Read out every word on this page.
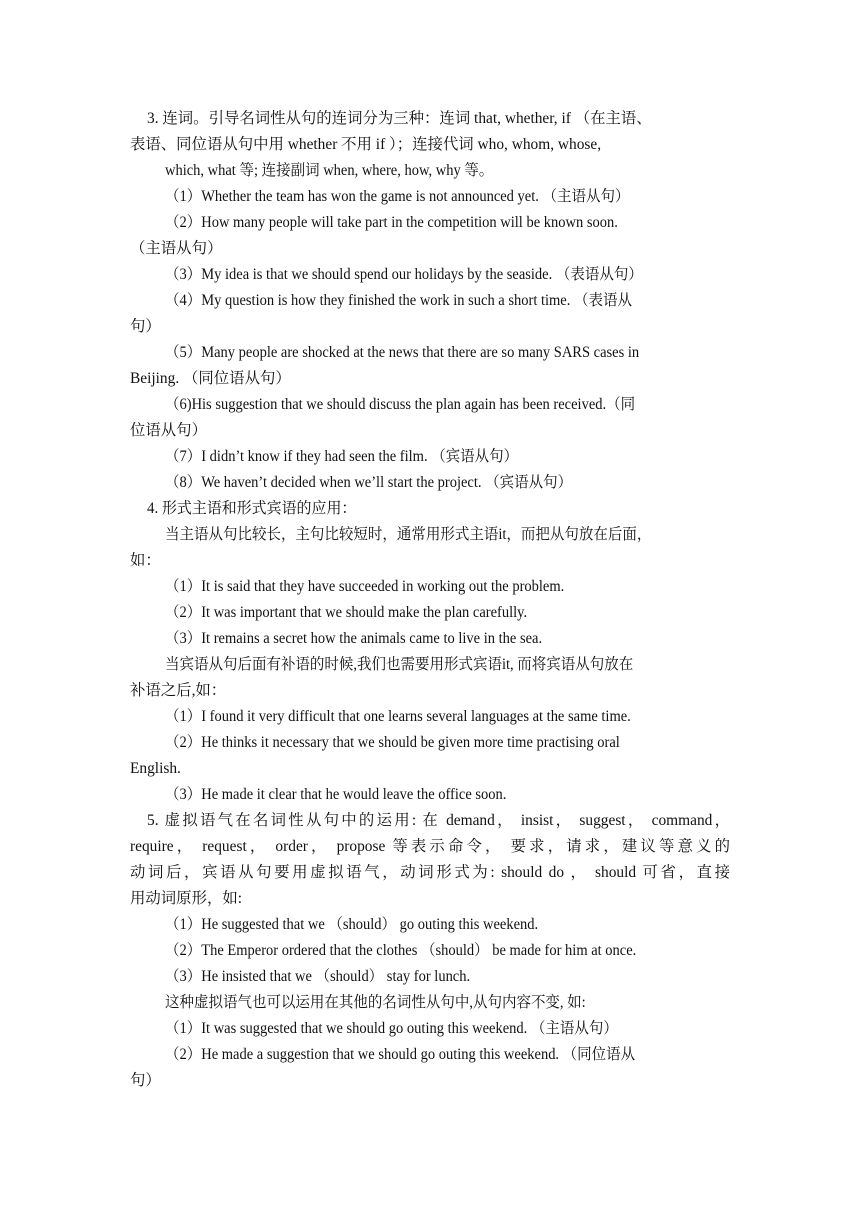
3. 连词。引导名词性从句的连词分为三种：连词 that, whether, if （在主语、
表语、同位语从句中用 whether 不用 if ）；连接代词 who, whom, whose,
which, what 等; 连接副词 when, where, how, why 等。
（1）Whether the team has won the game is not announced yet. （主语从句）
（2）How many people will take part in the competition will be known soon.
（主语从句）
（3）My idea is that we should spend our holidays by the seaside. （表语从句）
（4）My question is how they finished the work in such a short time. （表语从
句）
（5）Many people are shocked at the news that there are so many SARS cases in
Beijing. （同位语从句）
（6)His suggestion that we should discuss the plan again has been received.（同
位语从句）
（7）I didn’t know if they had seen the film. （宾语从句）
（8）We haven’t decided when we’ll start the project. （宾语从句）
4. 形式主语和形式宾语的应用：
当主语从句比较长，主句比较短时，通常用形式主语it，而把从句放在后面，
如：
（1）It is said that they have succeeded in working out the problem.
（2）It was important that we should make the plan carefully.
（3）It remains a secret how the animals came to live in the sea.
当宾语从句后面有补语的时候,我们也需要用形式宾语it, 而将宾语从句放在
补语之后,如：
（1）I found it very difficult that one learns several languages at the same time.
（2）He thinks it necessary that we should be given more time practising oral
English.
（3）He made it clear that he would leave the office soon.
5. 虚拟语气在名词性从句中的运用: 在 demand， insist， suggest， command，
require， request， order， propose 等表示命令， 要求，请求，建议等意义的
动词后，宾语从句要用虚拟语气，动词形式为: should do ， should 可省，直接
用动词原形，如:
（1）He suggested that we （should） go outing this weekend.
（2）The Emperor ordered that the clothes （should） be made for him at once.
（3）He insisted that we （should） stay for lunch.
这种虚拟语气也可以运用在其他的名词性从句中,从句内容不变, 如:
（1）It was suggested that we should go outing this weekend. （主语从句）
（2）He made a suggestion that we should go outing this weekend. （同位语从
句）
